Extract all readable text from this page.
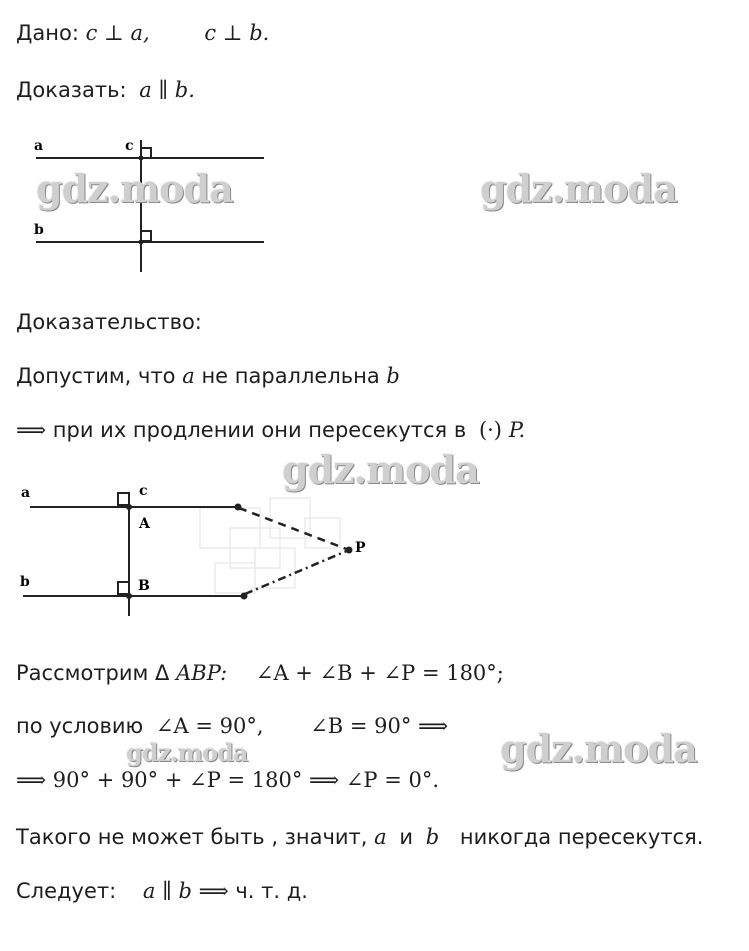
Дано: c ⊥ a,	c ⊥ b.
Доказать: a ∥ b.
a	c
b
Доказательство:
Допустим, что a не параллельна b
⟹ при их продлении они пересекутся в (·) P.
a	c
A
b	B
P
Рассмотрим Δ ABP: ∠A + ∠B + ∠P = 180°;
по условию ∠A = 90°, ∠B = 90° ⟹
⟹ 90° + 90° + ∠P = 180° ⟹ ∠P = 0°.
Такого не может быть , значит, a и b никогда пересекутся.
Следует: a ∥ b ⟹ ч. т. д.
gdz.moda	gdz.moda
gdz.moda
gdz.moda
gdz.moda
